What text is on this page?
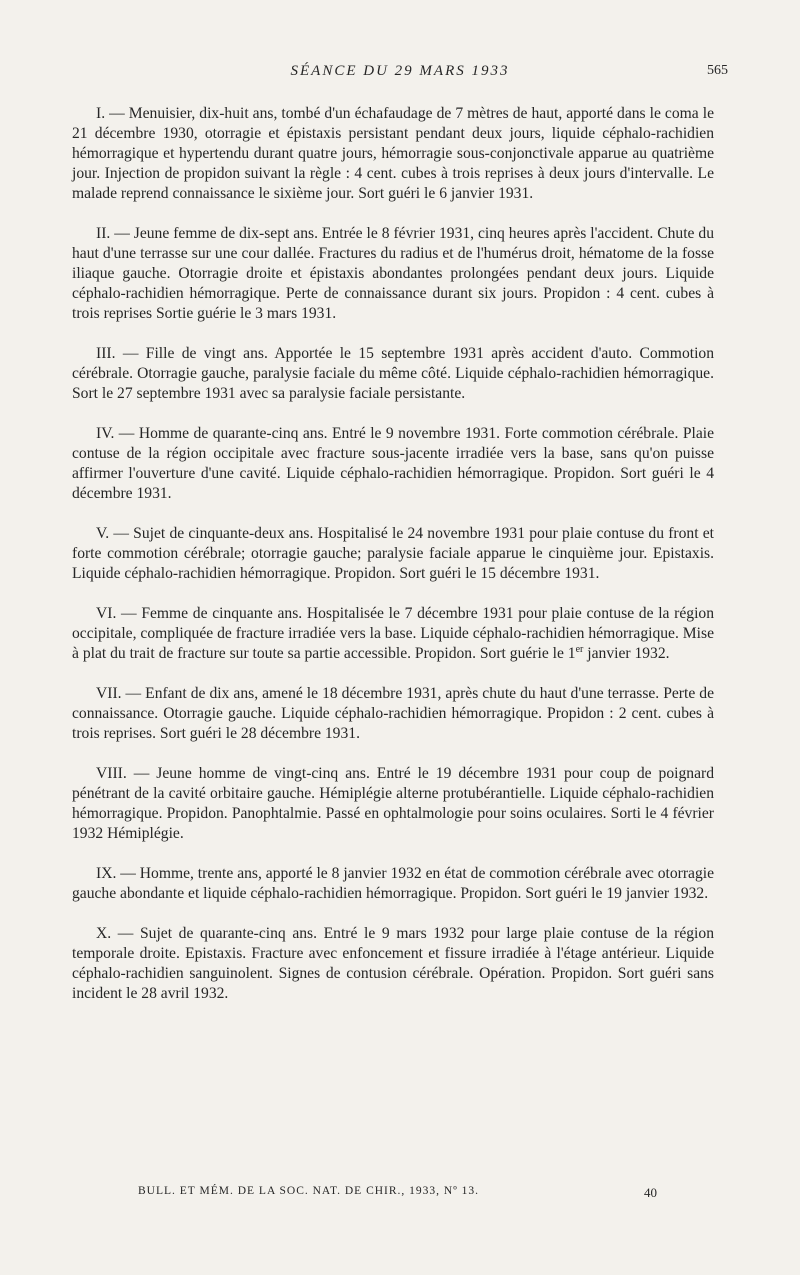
SÉANCE DU 29 MARS 1933	565

I. — Menuisier, dix-huit ans, tombé d'un échafaudage de 7 mètres de haut, apporté dans le coma le 21 décembre 1930, otorragie et épistaxis persistant pendant deux jours, liquide céphalo-rachidien hémorragique et hypertendu durant quatre jours, hémorragie sous-conjonctivale apparue au quatrième jour. Injection de propidon suivant la règle : 4 cent. cubes à trois reprises à deux jours d'intervalle. Le malade reprend connaissance le sixième jour. Sort guéri le 6 janvier 1931.

II. — Jeune femme de dix-sept ans. Entrée le 8 février 1931, cinq heures après l'accident. Chute du haut d'une terrasse sur une cour dallée. Fractures du radius et de l'humérus droit, hématome de la fosse iliaque gauche. Otorragie droite et épistaxis abondantes prolongées pendant deux jours. Liquide céphalo-rachidien hémorragique. Perte de connaissance durant six jours. Propidon : 4 cent. cubes à trois reprises Sortie guérie le 3 mars 1931.

III. — Fille de vingt ans. Apportée le 15 septembre 1931 après accident d'auto. Commotion cérébrale. Otorragie gauche, paralysie faciale du même côté. Liquide céphalo-rachidien hémorragique. Sort le 27 septembre 1931 avec sa paralysie faciale persistante.

IV. — Homme de quarante-cinq ans. Entré le 9 novembre 1931. Forte commotion cérébrale. Plaie contuse de la région occipitale avec fracture sous-jacente irradiée vers la base, sans qu'on puisse affirmer l'ouverture d'une cavité. Liquide céphalo-rachidien hémorragique. Propidon. Sort guéri le 4 décembre 1931.

V. — Sujet de cinquante-deux ans. Hospitalisé le 24 novembre 1931 pour plaie contuse du front et forte commotion cérébrale; otorragie gauche; paralysie faciale apparue le cinquième jour. Epistaxis. Liquide céphalo-rachidien hémorragique. Propidon. Sort guéri le 15 décembre 1931.

VI. — Femme de cinquante ans. Hospitalisée le 7 décembre 1931 pour plaie contuse de la région occipitale, compliquée de fracture irradiée vers la base. Liquide céphalo-rachidien hémorragique. Mise à plat du trait de fracture sur toute sa partie accessible. Propidon. Sort guérie le 1er janvier 1932.

VII. — Enfant de dix ans, amené le 18 décembre 1931, après chute du haut d'une terrasse. Perte de connaissance. Otorragie gauche. Liquide céphalo-rachidien hémorragique. Propidon : 2 cent. cubes à trois reprises. Sort guéri le 28 décembre 1931.

VIII. — Jeune homme de vingt-cinq ans. Entré le 19 décembre 1931 pour coup de poignard pénétrant de la cavité orbitaire gauche. Hémiplégie alterne protubérantielle. Liquide céphalo-rachidien hémorragique. Propidon. Panophtalmie. Passé en ophtalmologie pour soins oculaires. Sorti le 4 février 1932 Hémiplégie.

IX. — Homme, trente ans, apporté le 8 janvier 1932 en état de commotion cérébrale avec otorragie gauche abondante et liquide céphalo-rachidien hémorragique. Propidon. Sort guéri le 19 janvier 1932.

X. — Sujet de quarante-cinq ans. Entré le 9 mars 1932 pour large plaie contuse de la région temporale droite. Epistaxis. Fracture avec enfoncement et fissure irradiée à l'étage antérieur. Liquide céphalo-rachidien sanguinolent. Signes de contusion cérébrale. Opération. Propidon. Sort guéri sans incident le 28 avril 1932.

BULL. ET MÉM. DE LA SOC. NAT. DE CHIR., 1933, Nº 13.	40
